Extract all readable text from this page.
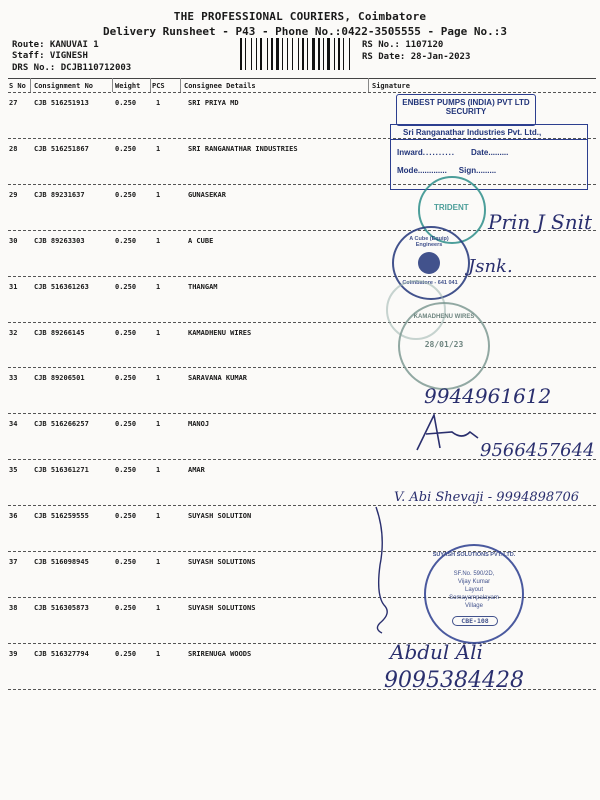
THE PROFESSIONAL COURIERS, Coimbatore
Delivery Runsheet - P43 - Phone No.:0422-3505555 - Page No.:3
Route: KANUVAI 1
Staff: VIGNESH
DRS No.: DCJB110712003
RS No.: 1107120
RS Date: 28-Jan-2023
S No Consignment No	Weight PCS	Consignee Details	Signature
27 CJB 516251913	0.250	1	SRI PRIYA MD
28 CJB 516251867	0.250	1	SRI RANGANATHAR INDUSTRIES
29 CJB 89231637	0.250	1	GUNASEKAR
30 CJB 89263303	0.250	1	A CUBE
31 CJB 516361263	0.250	1	THANGAM
32 CJB 89266145	0.250	1	KAMADHENU WIRES
33 CJB 89206501	0.250	1	SARAVANA KUMAR
34 CJB 516266257	0.250	1	MANOJ
35 CJB 516361271	0.250	1	AMAR
36 CJB 516259555	0.250	1	SUYASH SOLUTION
37 CJB 516098945	0.250	1	SUYASH SOLUTIONS
38 CJB 516305873	0.250	1	SUYASH SOLUTIONS
39 CJB 516327794	0.250	1	SRIRENUGA WOODS
ENBEST PUMPS (INDIA) PVT LTD
SECURITY
Sri Ranganathar Industries Pvt. Ltd.,
Inward.......... Date.........
Mode............. Sign.........
TRIDENT
Prin J Snit
A Cube (Equip) Engineers
Coimbatore - 641 041
Jsnk.
KAMADHENU WIRES
28/01/23
9944961612
9566457644
V. Abi Shevaji - 9994898706
SUYASH SOLUTIONS PVT. LTD.
SF.No. 590/2D,
Vijay Kumar
Layout
Somayampalayam
Village
CBE-108
Abdul Ali
9095384428
